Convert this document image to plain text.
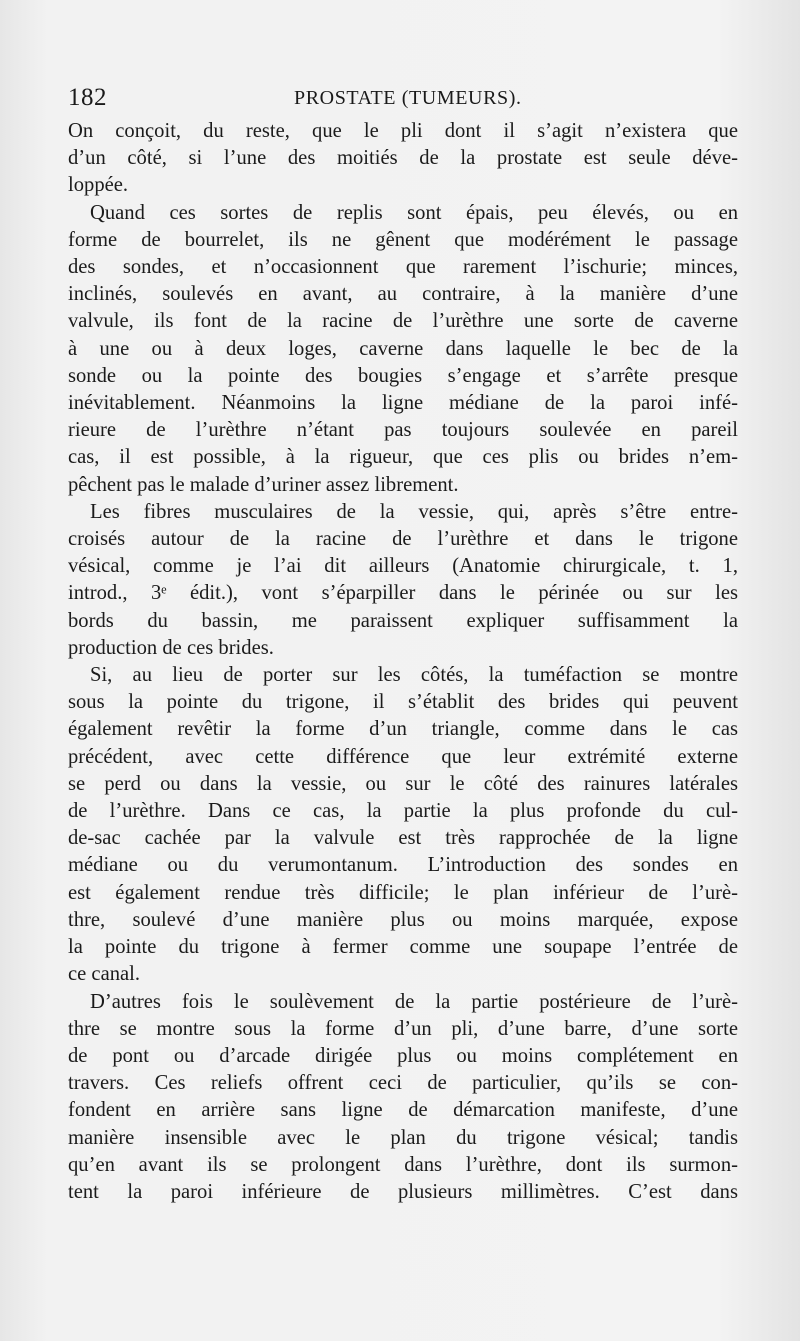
182	PROSTATE (TUMEURS).

On conçoit, du reste, que le pli dont il s’agit n’existera que
d’un côté, si l’une des moitiés de la prostate est seule déve-
loppée.

Quand ces sortes de replis sont épais, peu élevés, ou en
forme de bourrelet, ils ne gênent que modérément le passage
des sondes, et n’occasionnent que rarement l’ischurie; minces,
inclinés, soulevés en avant, au contraire, à la manière d’une
valvule, ils font de la racine de l’urèthre une sorte de caverne
à une ou à deux loges, caverne dans laquelle le bec de la
sonde ou la pointe des bougies s’engage et s’arrête presque
inévitablement. Néanmoins la ligne médiane de la paroi infé-
rieure de l’urèthre n’étant pas toujours soulevée en pareil
cas, il est possible, à la rigueur, que ces plis ou brides n’em-
pêchent pas le malade d’uriner assez librement.

Les fibres musculaires de la vessie, qui, après s’être entre-
croisés autour de la racine de l’urèthre et dans le trigone
vésical, comme je l’ai dit ailleurs (Anatomie chirurgicale, t. 1,
introd., 3ᵉ édit.), vont s’éparpiller dans le périnée ou sur les
bords du bassin, me paraissent expliquer suffisamment la
production de ces brides.

Si, au lieu de porter sur les côtés, la tuméfaction se montre
sous la pointe du trigone, il s’établit des brides qui peuvent
également revêtir la forme d’un triangle, comme dans le cas
précédent, avec cette différence que leur extrémité externe
se perd ou dans la vessie, ou sur le côté des rainures latérales
de l’urèthre. Dans ce cas, la partie la plus profonde du cul-
de-sac cachée par la valvule est très rapprochée de la ligne
médiane ou du verumontanum. L’introduction des sondes en
est également rendue très difficile; le plan inférieur de l’urè-
thre, soulevé d’une manière plus ou moins marquée, expose
la pointe du trigone à fermer comme une soupape l’entrée de
ce canal.

D’autres fois le soulèvement de la partie postérieure de l’urè-
thre se montre sous la forme d’un pli, d’une barre, d’une sorte
de pont ou d’arcade dirigée plus ou moins complétement en
travers. Ces reliefs offrent ceci de particulier, qu’ils se con-
fondent en arrière sans ligne de démarcation manifeste, d’une
manière insensible avec le plan du trigone vésical; tandis
qu’en avant ils se prolongent dans l’urèthre, dont ils surmon-
tent la paroi inférieure de plusieurs millimètres. C’est dans
